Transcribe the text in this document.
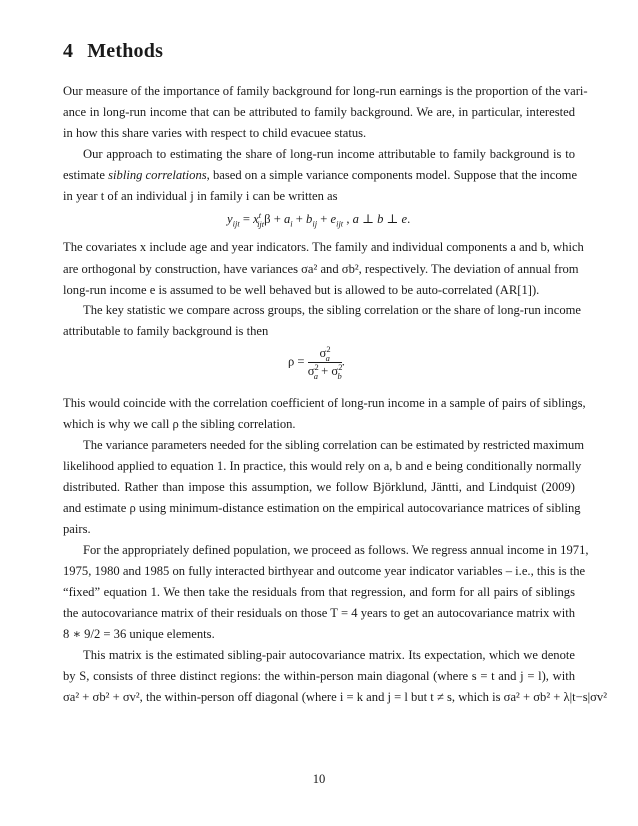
4 Methods
Our measure of the importance of family background for long-run earnings is the proportion of the vari-
ance in long-run income that can be attributed to family background. We are, in particular, interested
in how this share varies with respect to child evacuee status.
Our approach to estimating the share of long-run income attributable to family background is to
estimate sibling correlations, based on a simple variance components model. Suppose that the income
in year t of an individual j in family i can be written as
$y_{ijt} = x^t_{ijt}\beta + a_i + b_{ij} + e_{ijt}$ , a ⊥ b ⊥ e.
The covariates x include age and year indicators. The family and individual components a and b, which
are orthogonal by construction, have variances σa² and σb², respectively. The deviation of annual from
long-run income e is assumed to be well behaved but is allowed to be auto-correlated (AR[1]).
The key statistic we compare across groups, the sibling correlation or the share of long-run income
attributable to family background is then
$\rho = \frac{\sigma^2_a}{\sigma^2_a + \sigma^2_b}$ .
This would coincide with the correlation coefficient of long-run income in a sample of pairs of siblings,
which is why we call ρ the sibling correlation.
The variance parameters needed for the sibling correlation can be estimated by restricted maximum
likelihood applied to equation 1. In practice, this would rely on a, b and e being conditionally normally
distributed. Rather than impose this assumption, we follow Björklund, Jäntti, and Lindquist (2009)
and estimate ρ using minimum-distance estimation on the empirical autocovariance matrices of sibling
pairs.
For the appropriately defined population, we proceed as follows. We regress annual income in 1971,
1975, 1980 and 1985 on fully interacted birthyear and outcome year indicator variables – i.e., this is the
“fixed” equation 1. We then take the residuals from that regression, and form for all pairs of siblings
the autocovariance matrix of their residuals on those T = 4 years to get an autocovariance matrix with
8 ∗ 9/2 = 36 unique elements.
This matrix is the estimated sibling-pair autocovariance matrix. Its expectation, which we denote
by S, consists of three distinct regions: the within-person main diagonal (where s = t and j = l), with
σa² + σb² + σv², the within-person off diagonal (where i = k and j = l but t ≠ s, which is σa² + σb² + λ|t−s|σv²
10
